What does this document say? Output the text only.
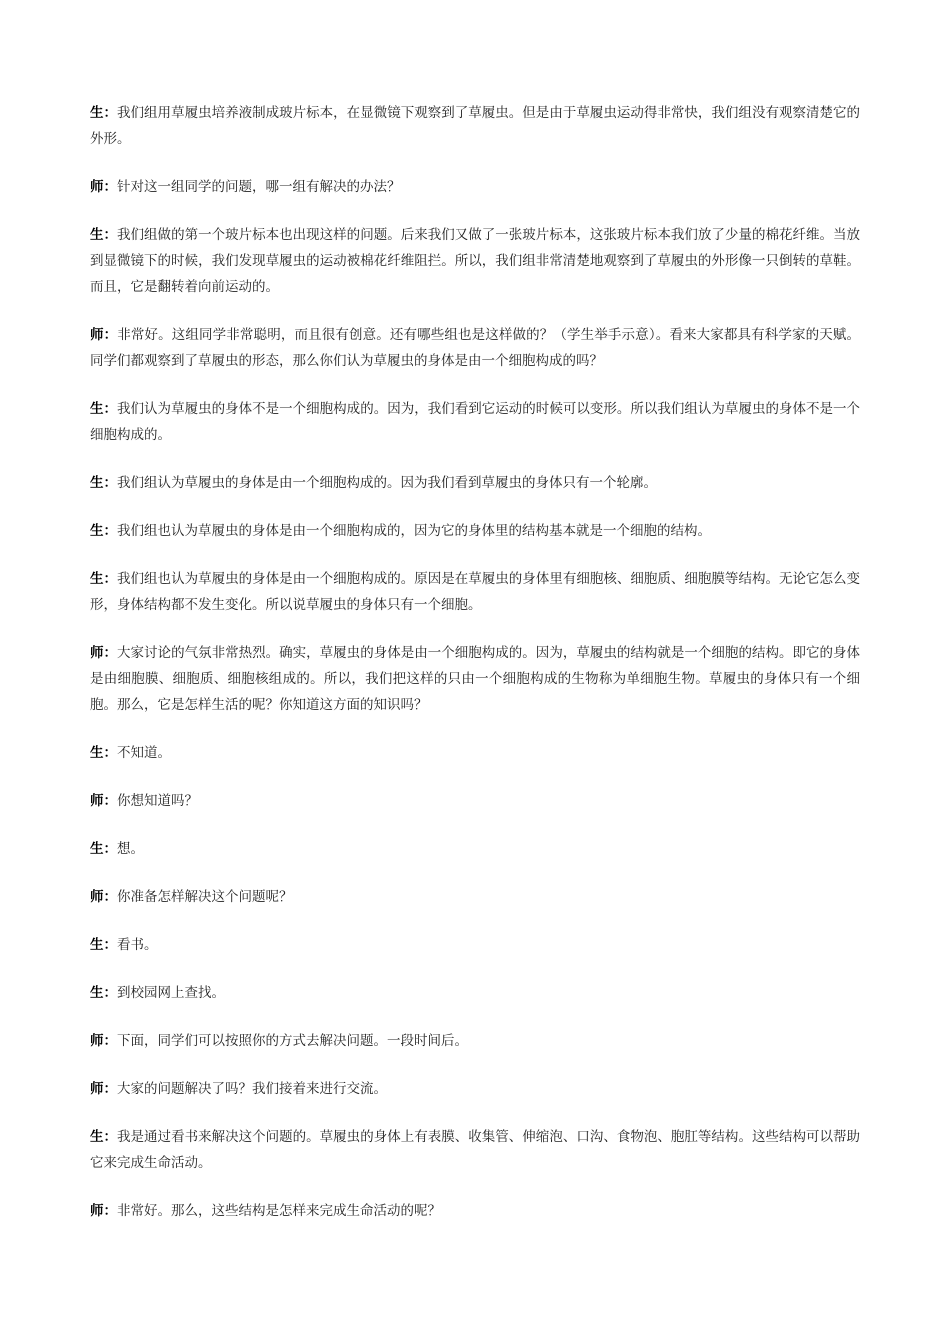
生：我们组用草履虫培养液制成玻片标本，在显微镜下观察到了草履虫。但是由于草履虫运动得非常快，我们组没有观察清楚它的外形。

师：针对这一组同学的问题，哪一组有解决的办法？

生：我们组做的第一个玻片标本也出现这样的问题。后来我们又做了一张玻片标本，这张玻片标本我们放了少量的棉花纤维。当放到显微镜下的时候，我们发现草履虫的运动被棉花纤维阻拦。所以，我们组非常清楚地观察到了草履虫的外形像一只倒转的草鞋。而且，它是翻转着向前运动的。

师：非常好。这组同学非常聪明，而且很有创意。还有哪些组也是这样做的？（学生举手示意）。看来大家都具有科学家的天赋。同学们都观察到了草履虫的形态，那么你们认为草履虫的身体是由一个细胞构成的吗？

生：我们认为草履虫的身体不是一个细胞构成的。因为，我们看到它运动的时候可以变形。所以我们组认为草履虫的身体不是一个细胞构成的。

生：我们组认为草履虫的身体是由一个细胞构成的。因为我们看到草履虫的身体只有一个轮廓。

生：我们组也认为草履虫的身体是由一个细胞构成的，因为它的身体里的结构基本就是一个细胞的结构。

生：我们组也认为草履虫的身体是由一个细胞构成的。原因是在草履虫的身体里有细胞核、细胞质、细胞膜等结构。无论它怎么变形，身体结构都不发生变化。所以说草履虫的身体只有一个细胞。

师：大家讨论的气氛非常热烈。确实，草履虫的身体是由一个细胞构成的。因为，草履虫的结构就是一个细胞的结构。即它的身体是由细胞膜、细胞质、细胞核组成的。所以，我们把这样的只由一个细胞构成的生物称为单细胞生物。草履虫的身体只有一个细胞。那么，它是怎样生活的呢？你知道这方面的知识吗？

生：不知道。

师：你想知道吗？

生：想。

师：你准备怎样解决这个问题呢？

生：看书。

生：到校园网上查找。

师：下面，同学们可以按照你的方式去解决问题。一段时间后。

师：大家的问题解决了吗？我们接着来进行交流。

生：我是通过看书来解决这个问题的。草履虫的身体上有表膜、收集管、伸缩泡、口沟、食物泡、胞肛等结构。这些结构可以帮助它来完成生命活动。

师：非常好。那么，这些结构是怎样来完成生命活动的呢？
